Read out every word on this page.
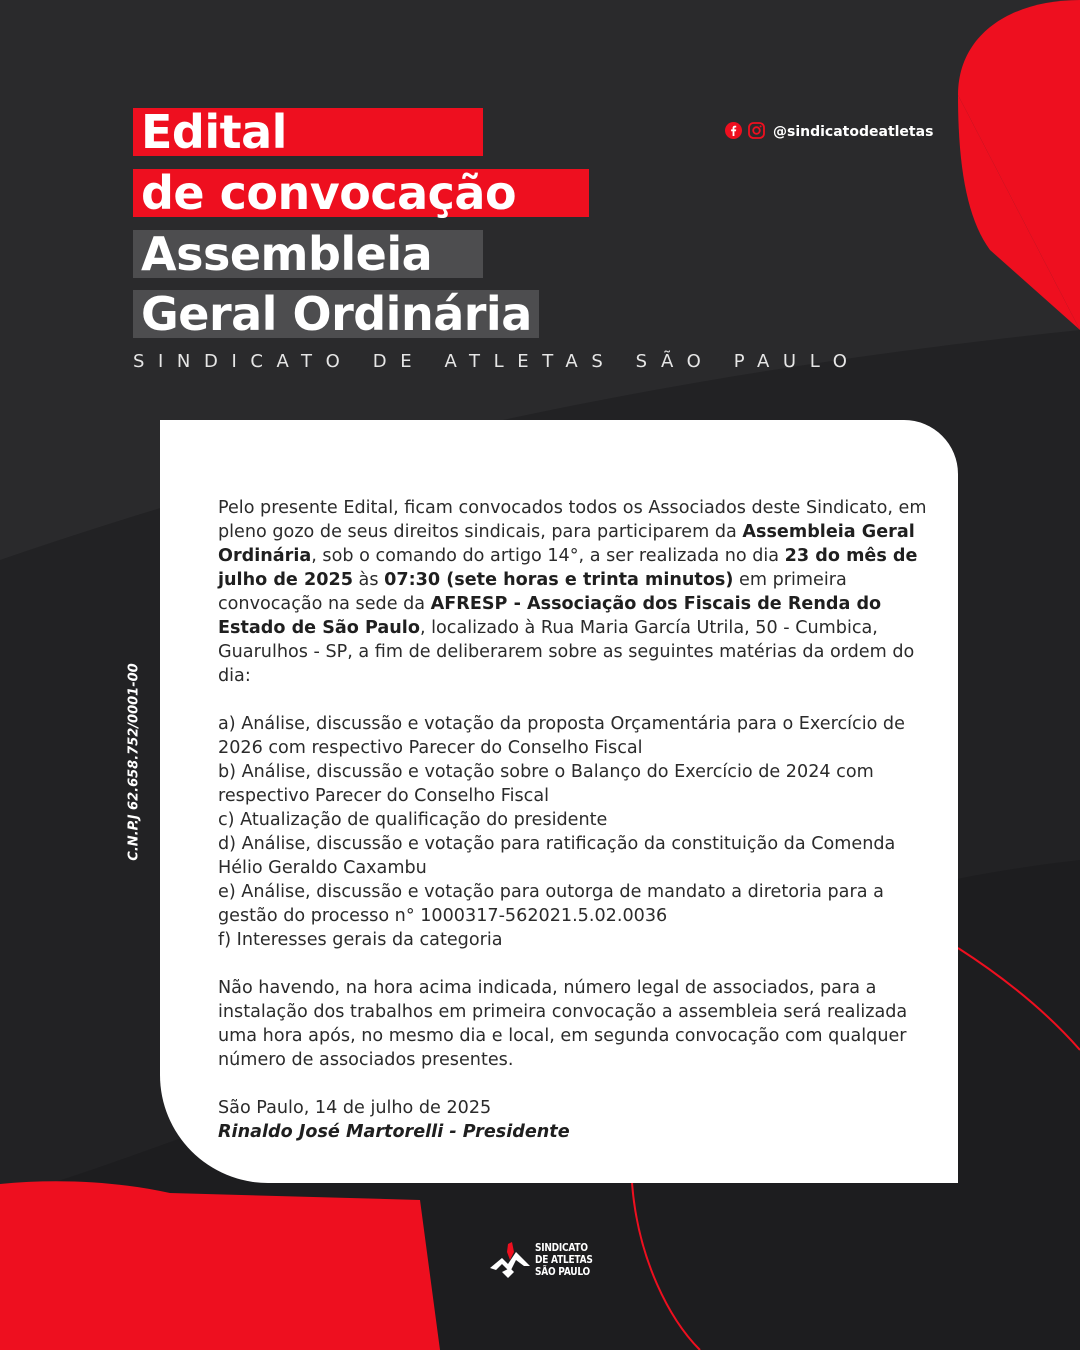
Edital
de convocação
Assembleia
Geral Ordinária
SINDICATO DE ATLETAS SÃO PAULO
@sindicatodeatletas
C.N.P.J 62.658.752/0001-00

Pelo presente Edital, ficam convocados todos os Associados deste Sindicato, em pleno gozo de seus direitos sindicais, para participarem da Assembleia Geral Ordinária, sob o comando do artigo 14°, a ser realizada no dia 23 do mês de julho de 2025 às 07:30 (sete horas e trinta minutos) em primeira convocação na sede da AFRESP - Associação dos Fiscais de Renda do Estado de São Paulo, localizado à Rua Maria García Utrila, 50 - Cumbica, Guarulhos - SP, a fim de deliberarem sobre as seguintes matérias da ordem do dia:

a) Análise, discussão e votação da proposta Orçamentária para o Exercício de 2026 com respectivo Parecer do Conselho Fiscal
b) Análise, discussão e votação sobre o Balanço do Exercício de 2024 com respectivo Parecer do Conselho Fiscal
c) Atualização de qualificação do presidente
d) Análise, discussão e votação para ratificação da constituição da Comenda Hélio Geraldo Caxambu
e) Análise, discussão e votação para outorga de mandato a diretoria para a gestão do processo n° 1000317-562021.5.02.0036
f) Interesses gerais da categoria

Não havendo, na hora acima indicada, número legal de associados, para a instalação dos trabalhos em primeira convocação a assembleia será realizada uma hora após, no mesmo dia e local, em segunda convocação com qualquer número de associados presentes.

São Paulo, 14 de julho de 2025
Rinaldo José Martorelli - Presidente
SINDICATO
DE ATLETAS
SÃO PAULO
